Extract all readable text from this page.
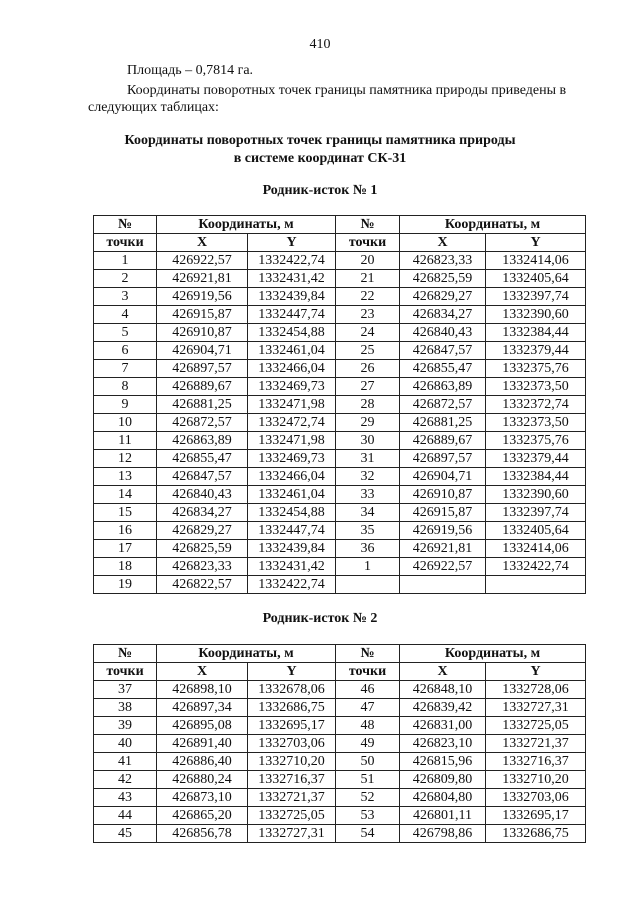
410
Площадь – 0,7814 га.
Координаты поворотных точек границы памятника природы приведены в следующих таблицах:
Координаты поворотных точек границы памятника природы
в системе координат СК-31
Родник-исток № 1
№	Координаты, м		№	Координаты, м	
точки	X	Y	точки	X	Y
1	426922,57	1332422,74	20	426823,33	1332414,06
2	426921,81	1332431,42	21	426825,59	1332405,64
3	426919,56	1332439,84	22	426829,27	1332397,74
4	426915,87	1332447,74	23	426834,27	1332390,60
5	426910,87	1332454,88	24	426840,43	1332384,44
6	426904,71	1332461,04	25	426847,57	1332379,44
7	426897,57	1332466,04	26	426855,47	1332375,76
8	426889,67	1332469,73	27	426863,89	1332373,50
9	426881,25	1332471,98	28	426872,57	1332372,74
10	426872,57	1332472,74	29	426881,25	1332373,50
11	426863,89	1332471,98	30	426889,67	1332375,76
12	426855,47	1332469,73	31	426897,57	1332379,44
13	426847,57	1332466,04	32	426904,71	1332384,44
14	426840,43	1332461,04	33	426910,87	1332390,60
15	426834,27	1332454,88	34	426915,87	1332397,74
16	426829,27	1332447,74	35	426919,56	1332405,64
17	426825,59	1332439,84	36	426921,81	1332414,06
18	426823,33	1332431,42	1	426922,57	1332422,74
19	426822,57	1332422,74			
Родник-исток № 2
№	Координаты, м		№	Координаты, м	
точки	X	Y	точки	X	Y
37	426898,10	1332678,06	46	426848,10	1332728,06
38	426897,34	1332686,75	47	426839,42	1332727,31
39	426895,08	1332695,17	48	426831,00	1332725,05
40	426891,40	1332703,06	49	426823,10	1332721,37
41	426886,40	1332710,20	50	426815,96	1332716,37
42	426880,24	1332716,37	51	426809,80	1332710,20
43	426873,10	1332721,37	52	426804,80	1332703,06
44	426865,20	1332725,05	53	426801,11	1332695,17
45	426856,78	1332727,31	54	426798,86	1332686,75
